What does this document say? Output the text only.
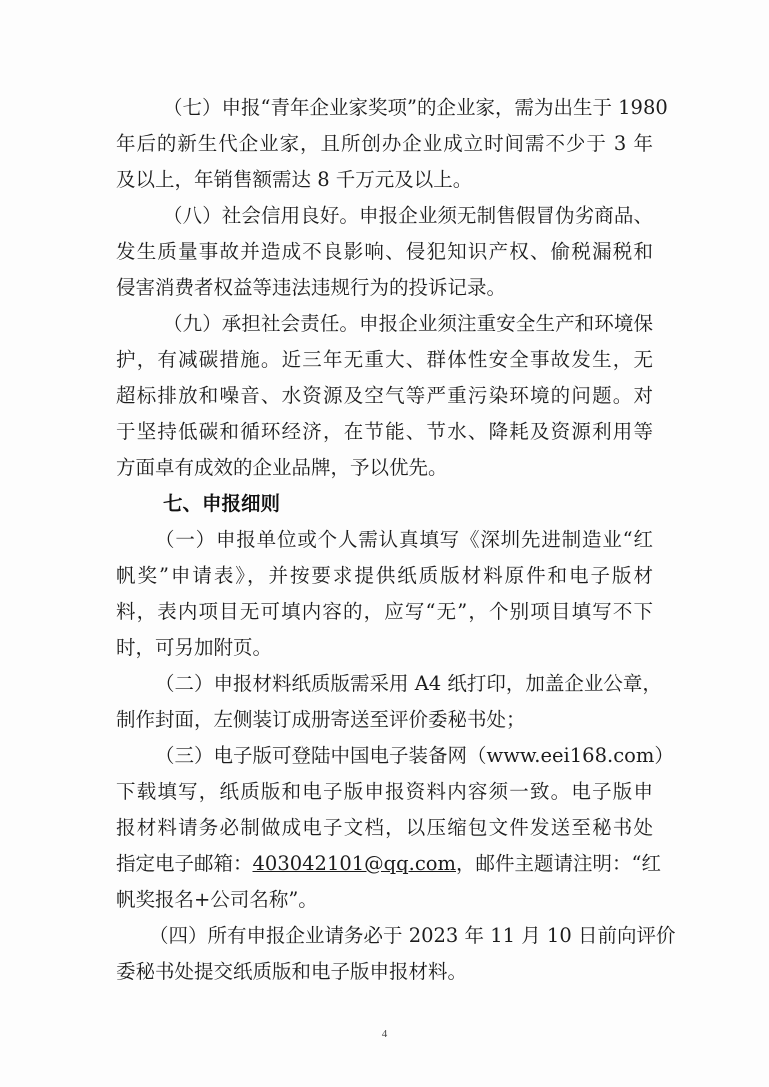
（七）申报“青年企业家奖项”的企业家，需为出生于 1980
年后的新生代企业家，且所创办企业成立时间需不少于 3 年
及以上，年销售额需达 8 千万元及以上。
（八）社会信用良好。申报企业须无制售假冒伪劣商品、
发生质量事故并造成不良影响、侵犯知识产权、偷税漏税和
侵害消费者权益等违法违规行为的投诉记录。
（九）承担社会责任。申报企业须注重安全生产和环境保
护，有减碳措施。近三年无重大、群体性安全事故发生，无
超标排放和噪音、水资源及空气等严重污染环境的问题。对
于坚持低碳和循环经济，在节能、节水、降耗及资源利用等
方面卓有成效的企业品牌，予以优先。
七、申报细则
（一）申报单位或个人需认真填写《深圳先进制造业“红
帆奖”申请表》，并按要求提供纸质版材料原件和电子版材
料，表内项目无可填内容的，应写“无”，个别项目填写不下
时，可另加附页。
（二）申报材料纸质版需采用 A4 纸打印，加盖企业公章，
制作封面，左侧装订成册寄送至评价委秘书处；
（三）电子版可登陆中国电子装备网（www.eei168.com）
下载填写，纸质版和电子版申报资料内容须一致。电子版申
报材料请务必制做成电子文档，以压缩包文件发送至秘书处
指定电子邮箱：403042101@qq.com，邮件主题请注明：“红
帆奖报名+公司名称”。
（四）所有申报企业请务必于 2023 年 11 月 10 日前向评价
委秘书处提交纸质版和电子版申报材料。
4
